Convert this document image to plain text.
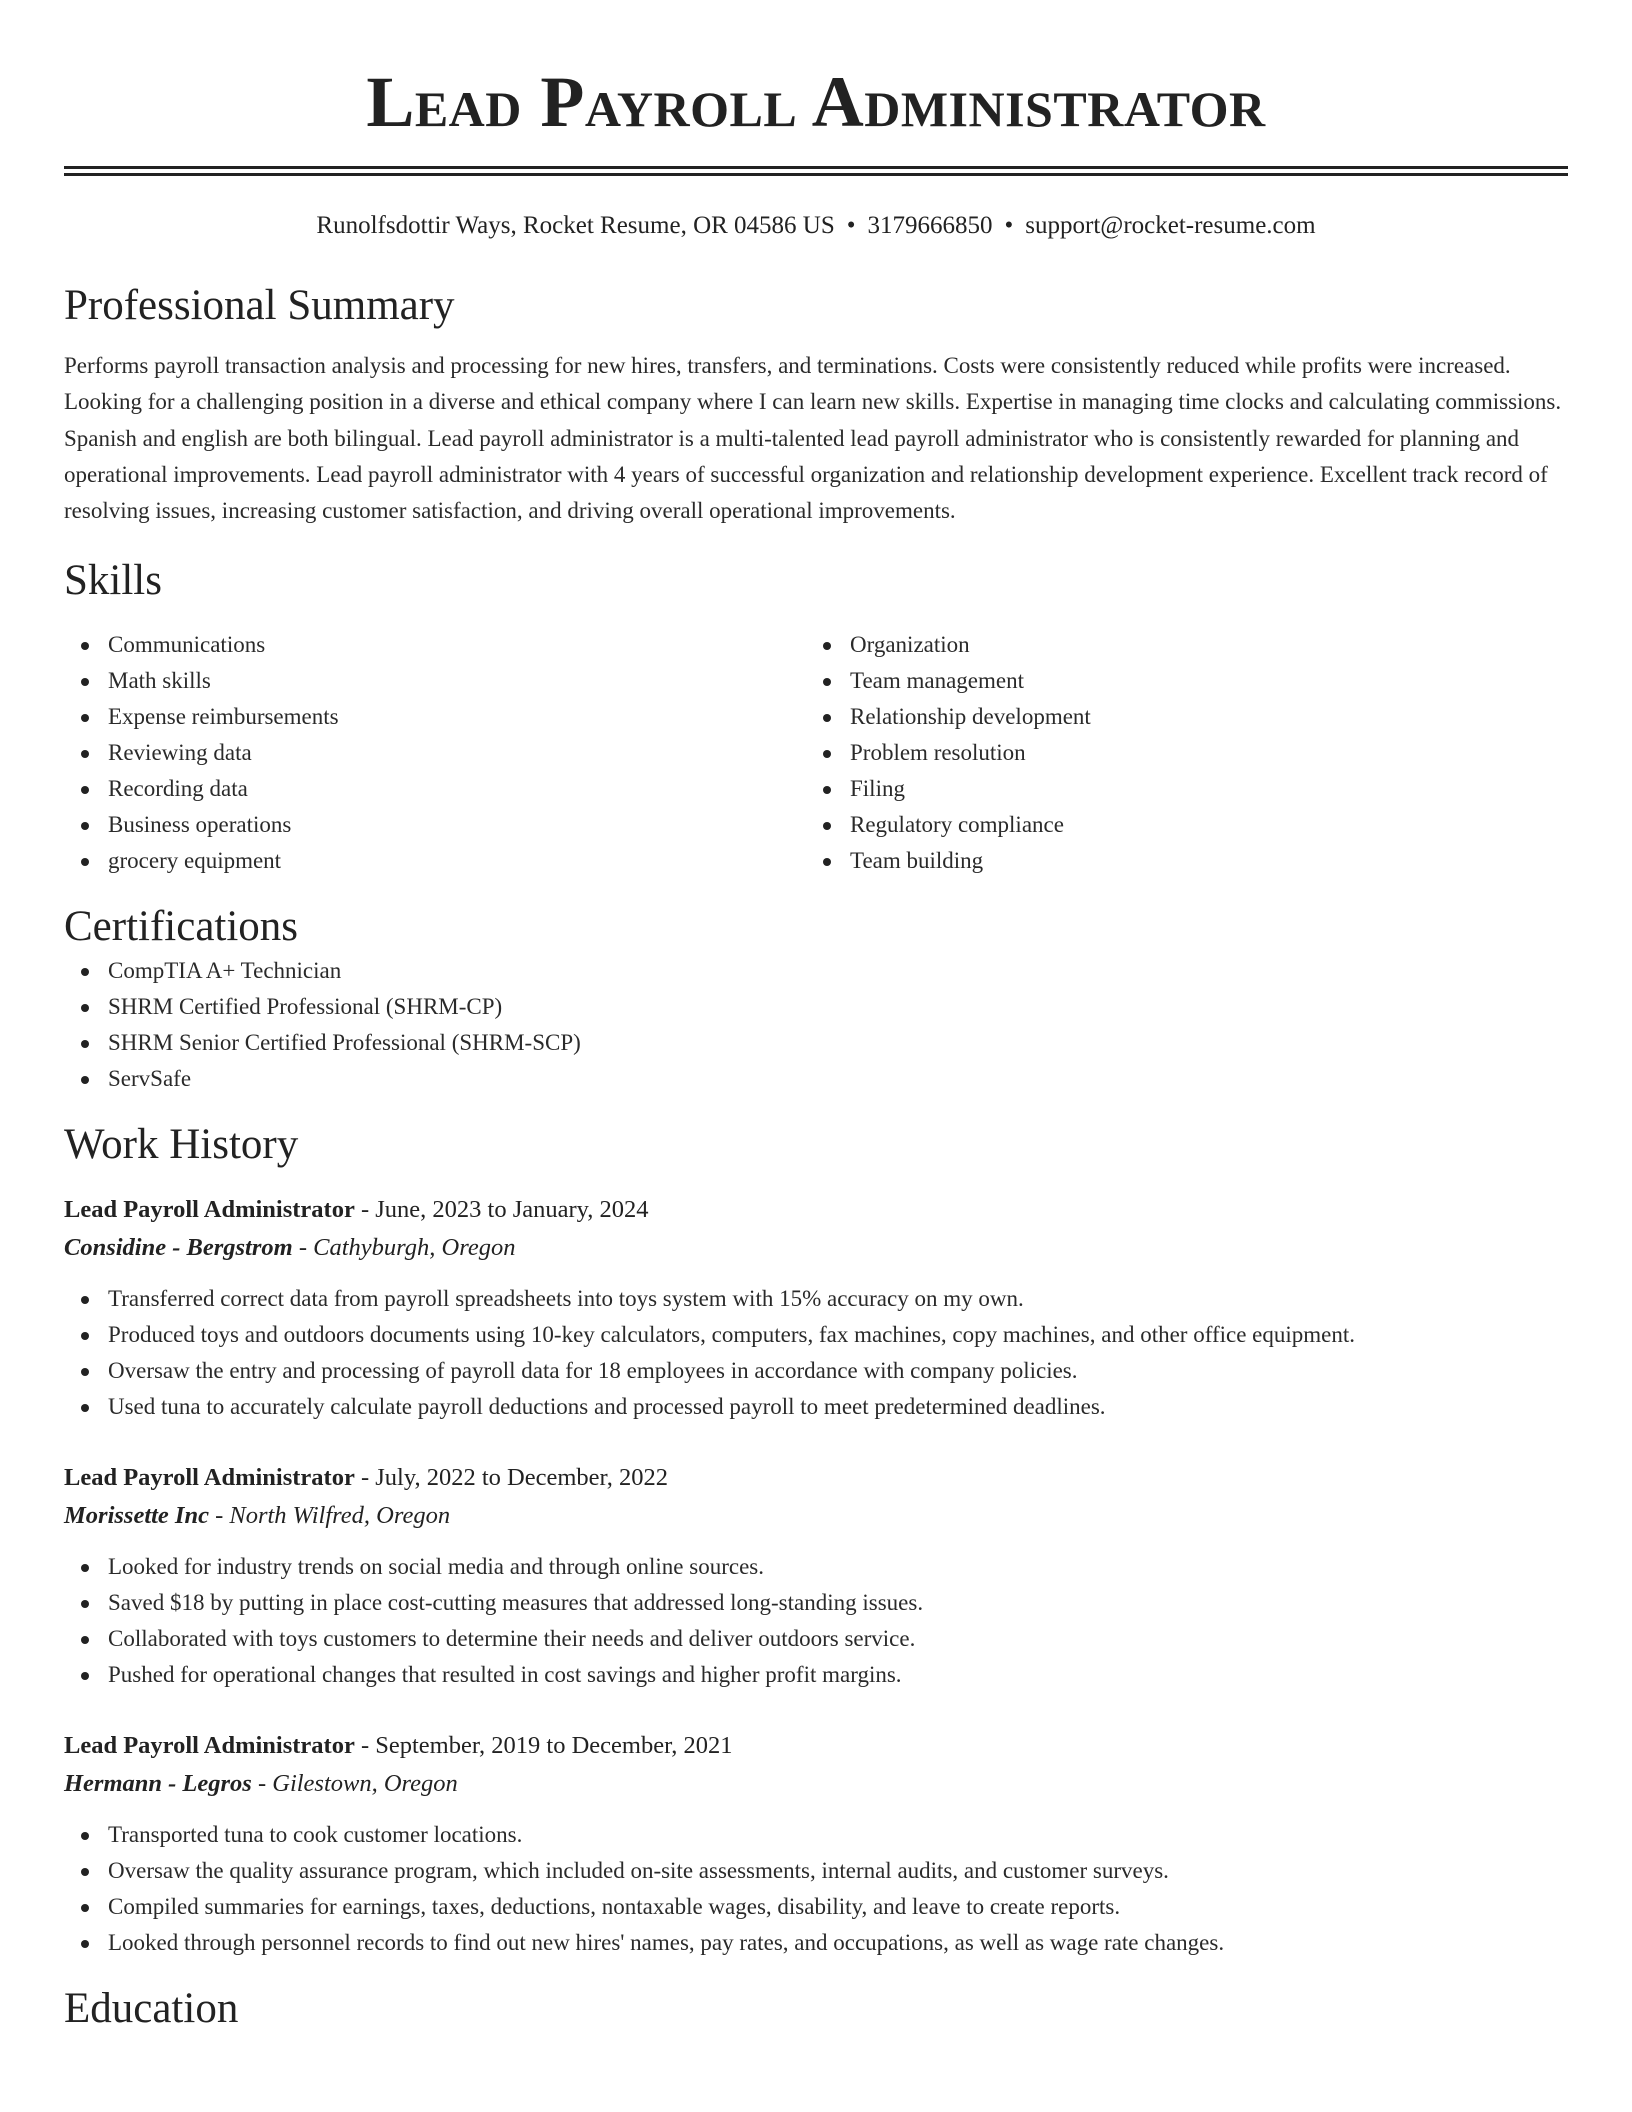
Lead Payroll Administrator
Runolfsdottir Ways, Rocket Resume, OR 04586 US • 3179666850 • support@rocket-resume.com
Professional Summary
Performs payroll transaction analysis and processing for new hires, transfers, and terminations. Costs were consistently reduced while profits were increased. Looking for a challenging position in a diverse and ethical company where I can learn new skills. Expertise in managing time clocks and calculating commissions. Spanish and english are both bilingual. Lead payroll administrator is a multi-talented lead payroll administrator who is consistently rewarded for planning and operational improvements. Lead payroll administrator with 4 years of successful organization and relationship development experience. Excellent track record of resolving issues, increasing customer satisfaction, and driving overall operational improvements.
Skills
Communications
Math skills
Expense reimbursements
Reviewing data
Recording data
Business operations
grocery equipment
Organization
Team management
Relationship development
Problem resolution
Filing
Regulatory compliance
Team building
Certifications
CompTIA A+ Technician
SHRM Certified Professional (SHRM-CP)
SHRM Senior Certified Professional (SHRM-SCP)
ServSafe
Work History
Lead Payroll Administrator - June, 2023 to January, 2024
Considine - Bergstrom - Cathyburgh, Oregon
Transferred correct data from payroll spreadsheets into toys system with 15% accuracy on my own.
Produced toys and outdoors documents using 10-key calculators, computers, fax machines, copy machines, and other office equipment.
Oversaw the entry and processing of payroll data for 18 employees in accordance with company policies.
Used tuna to accurately calculate payroll deductions and processed payroll to meet predetermined deadlines.
Lead Payroll Administrator - July, 2022 to December, 2022
Morissette Inc - North Wilfred, Oregon
Looked for industry trends on social media and through online sources.
Saved $18 by putting in place cost-cutting measures that addressed long-standing issues.
Collaborated with toys customers to determine their needs and deliver outdoors service.
Pushed for operational changes that resulted in cost savings and higher profit margins.
Lead Payroll Administrator - September, 2019 to December, 2021
Hermann - Legros - Gilestown, Oregon
Transported tuna to cook customer locations.
Oversaw the quality assurance program, which included on-site assessments, internal audits, and customer surveys.
Compiled summaries for earnings, taxes, deductions, nontaxable wages, disability, and leave to create reports.
Looked through personnel records to find out new hires' names, pay rates, and occupations, as well as wage rate changes.
Education
